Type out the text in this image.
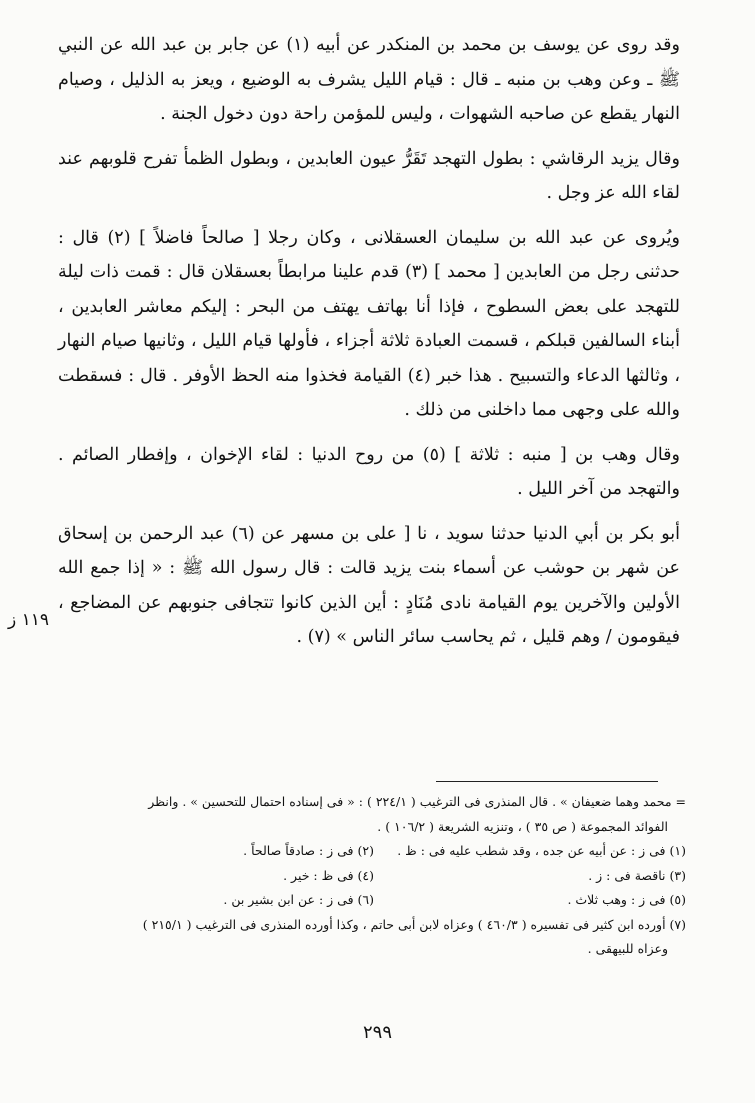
وقد روى عن يوسف بن محمد بن المنكدر عن أبيه (١) عن جابر بن عبد الله عن النبي ﷺ ـ وعن وهب بن منبه ـ قال : قيام الليل يشرف به الوضيع ، ويعز به الذليل ، وصيام النهار يقطع عن صاحبه الشهوات ، وليس للمؤمن راحة دون دخول الجنة .

وقال يزيد الرقاشي : بطول التهجد تَقَرُّ عيون العابدين ، وبطول الظمأ تفرح قلوبهم عند لقاء الله عز وجل .

ويُروى عن عبد الله بن سليمان العسقلانى ، وكان رجلا [ صالحاً فاضلاً ] (٢) قال : حدثنى رجل من العابدين [ محمد ] (٣) قدم علينا مرابطاً بعسقلان قال : قمت ذات ليلة للتهجد على بعض السطوح ، فإذا أنا بهاتف يهتف من البحر : إليكم معاشر العابدين ، أبناء السالفين قبلكم ، قسمت العبادة ثلاثة أجزاء ، فأولها قيام الليل ، وثانيها صيام النهار ، وثالثها الدعاء والتسبيح . هذا خبر (٤) القيامة فخذوا منه الحظ الأوفر . قال : فسقطت والله على وجهى مما داخلنى من ذلك .

وقال وهب بن [ منبه : ثلاثة ] (٥) من روح الدنيا : لقاء الإخوان ، وإفطار الصائم . والتهجد من آخر الليل .

أبو بكر بن أبي الدنيا حدثنا سويد ، نا [ على بن مسهر عن (٦) عبد الرحمن بن إسحاق عن شهر بن حوشب عن أسماء بنت يزيد قالت : قال رسول الله ﷺ : « إذا جمع الله الأولين والآخرين يوم القيامة نادى مُنَادٍ : أين الذين كانوا تتجافى جنوبهم عن المضاجع ، فيقومون / وهم قليل ، ثم يحاسب سائر الناس » (٧) .

١١٩ ز
= محمد وهما ضعيفان » . قال المنذرى فى الترغيب ( ٢٢٤/١ ) : « فى إسناده احتمال للتحسين » . وانظر
الفوائد المجموعة ( ص ٣٥ ) ، وتنزيه الشريعة ( ١٠٦/٢ ) .
(١) فى ز : عن أبيه عن جده ، وقد شطب عليه فى : ظ .
(٢) فى ز : صادقاً صالحاً .
(٣) ناقصة فى : ز .
(٤) فى ظ : خير .
(٥) فى ز : وهب ثلاث .
(٦) فى ز : عن ابن بشير بن .
(٧) أورده ابن كثير فى تفسيره ( ٤٦٠/٣ ) وعزاه لابن أبى حاتم ، وكذا أورده المنذرى فى الترغيب ( ٢١٥/١ )
وعزاه للبيهقى .
٢٩٩
